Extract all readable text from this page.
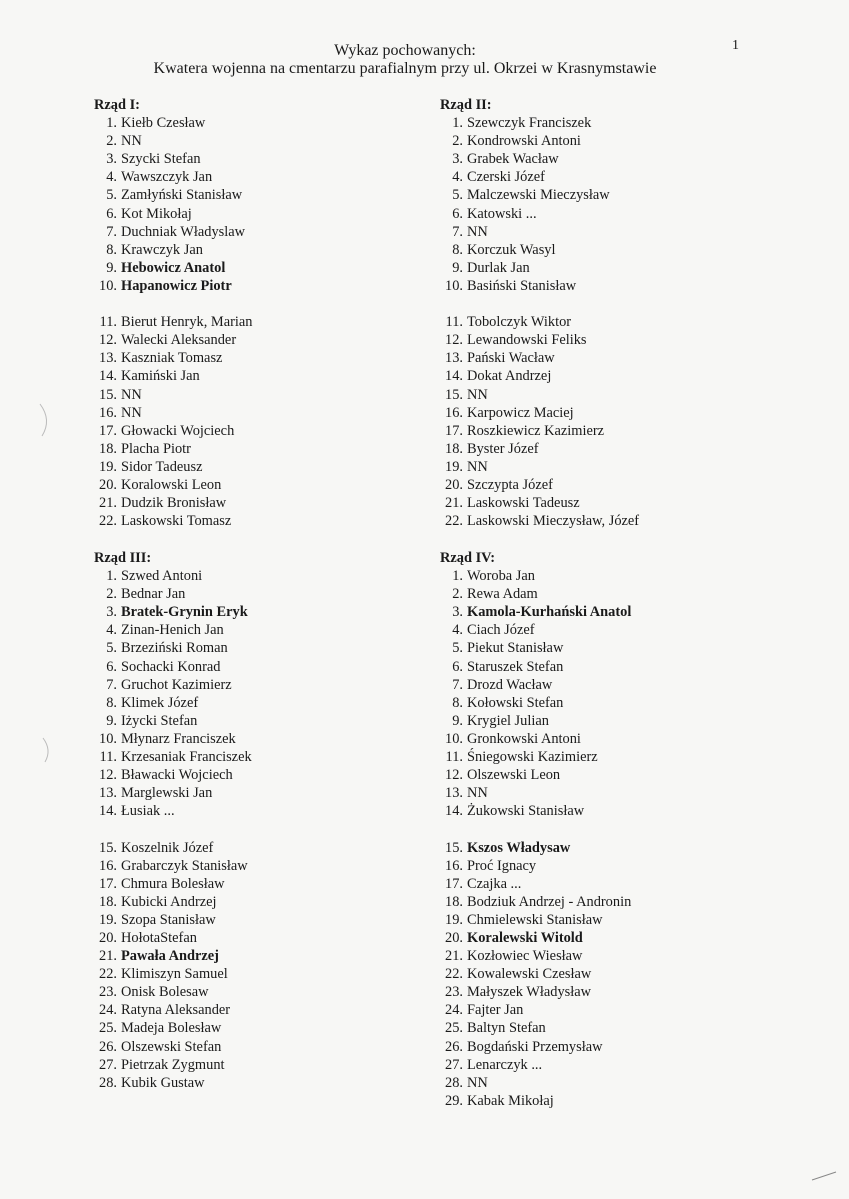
Wykaz pochowanych:
Kwatera wojenna na cmentarzu parafialnym przy ul. Okrzei w Krasnymstawie
1
Rząd I:
1. Kiełb Czesław
2. NN
3. Szycki Stefan
4. Wawszczyk Jan
5. Zamłyński Stanisław
6. Kot Mikołaj
7. Duchniak Władyslaw
8. Krawczyk Jan
9. Hebowicz Anatol
10. Hapanowicz Piotr
11. Bierut Henryk, Marian
12. Walecki Aleksander
13. Kaszniak Tomasz
14. Kamiński Jan
15. NN
16. NN
17. Głowacki Wojciech
18. Placha Piotr
19. Sidor Tadeusz
20. Koralowski Leon
21. Dudzik Bronisław
22. Laskowski Tomasz
Rząd II:
1. Szewczyk Franciszek
2. Kondrowski Antoni
3. Grabek Wacław
4. Czerski Józef
5. Malczewski Mieczysław
6. Katowski ...
7. NN
8. Korczuk Wasyl
9. Durlak Jan
10. Basiński Stanisław
11. Tobolczyk Wiktor
12. Lewandowski Feliks
13. Pański Wacław
14. Dokat Andrzej
15. NN
16. Karpowicz Maciej
17. Roszkiewicz Kazimierz
18. Byster Józef
19. NN
20. Szczypta Józef
21. Laskowski Tadeusz
22. Laskowski Mieczysław, Józef
Rząd III:
1. Szwed Antoni
2. Bednar Jan
3. Bratek-Grynin Eryk
4. Zinan-Henich Jan
5. Brzeziński Roman
6. Sochacki Konrad
7. Gruchot Kazimierz
8. Klimek Józef
9. Iżycki Stefan
10. Młynarz Franciszek
11. Krzesaniak Franciszek
12. Bławacki Wojciech
13. Marglewski Jan
14. Łusiak ...
15. Koszelnik Józef
16. Grabarczyk Stanisław
17. Chmura Bolesław
18. Kubicki Andrzej
19. Szopa Stanisław
20. HołotaStefan
21. Pawała Andrzej
22. Klimiszyn Samuel
23. Onisk Bolesaw
24. Ratyna Aleksander
25. Madeja Bolesław
26. Olszewski Stefan
27. Pietrzak Zygmunt
28. Kubik Gustaw
Rząd IV:
1. Woroba Jan
2. Rewa Adam
3. Kamola-Kurhański Anatol
4. Ciach Józef
5. Piekut Stanisław
6. Staruszek Stefan
7. Drozd Wacław
8. Kołowski Stefan
9. Krygiel Julian
10. Gronkowski Antoni
11. Śniegowski Kazimierz
12. Olszewski Leon
13. NN
14. Żukowski Stanisław
15. Kszos Władysaw
16. Proć Ignacy
17. Czajka ...
18. Bodziuk Andrzej - Andronin
19. Chmielewski Stanisław
20. Koralewski Witold
21. Kozłowiec Wiesław
22. Kowalewski Czesław
23. Małyszek Władysław
24. Fajter Jan
25. Baltyn Stefan
26. Bogdański Przemysław
27. Lenarczyk ...
28. NN
29. Kabak Mikołaj
